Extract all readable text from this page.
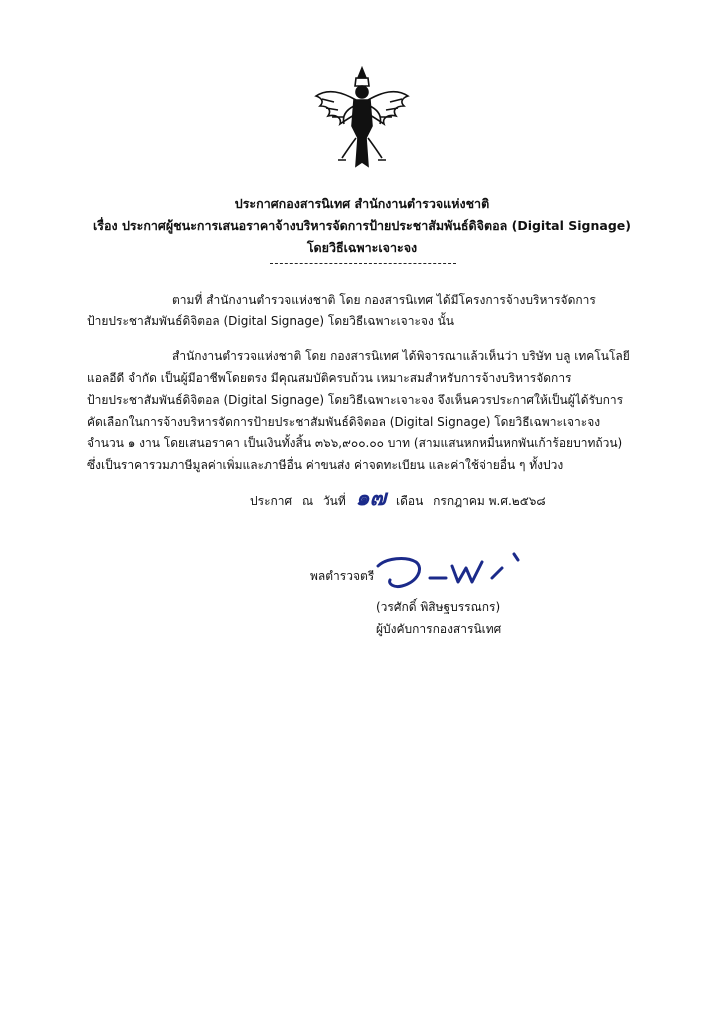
ประกาศกองสารนิเทศ สำนักงานตำรวจแห่งชาติ
เรื่อง ประกาศผู้ชนะการเสนอราคาจ้างบริหารจัดการป้ายประชาสัมพันธ์ดิจิตอล (Digital Signage)
โดยวิธีเฉพาะเจาะจง
ตามที่ สำนักงานตำรวจแห่งชาติ โดย กองสารนิเทศ ได้มีโครงการจ้างบริหารจัดการ
ป้ายประชาสัมพันธ์ดิจิตอล (Digital Signage) โดยวิธีเฉพาะเจาะจง นั้น
สำนักงานตำรวจแห่งชาติ โดย กองสารนิเทศ ได้พิจารณาแล้วเห็นว่า บริษัท บลู เทคโนโลยี
แอลอีดี จำกัด เป็นผู้มีอาชีพโดยตรง มีคุณสมบัติครบถ้วน เหมาะสมสำหรับการจ้างบริหารจัดการ
ป้ายประชาสัมพันธ์ดิจิตอล (Digital Signage) โดยวิธีเฉพาะเจาะจง จึงเห็นควรประกาศให้เป็นผู้ได้รับการ
คัดเลือกในการจ้างบริหารจัดการป้ายประชาสัมพันธ์ดิจิตอล (Digital Signage) โดยวิธีเฉพาะเจาะจง
จำนวน ๑ งาน โดยเสนอราคา เป็นเงินทั้งสิ้น ๓๖๖,๙๐๐.๐๐ บาท (สามแสนหกหมื่นหกพันเก้าร้อยบาทถ้วน)
ซึ่งเป็นราคารวมภาษีมูลค่าเพิ่มและภาษีอื่น ค่าขนส่ง ค่าจดทะเบียน และค่าใช้จ่ายอื่น ๆ ทั้งปวง
ประกาศ ณ วันที่ ๑๗ เดือน กรกฎาคม พ.ศ.๒๕๖๘
พลตำรวจตรี
(วรศักดิ์ พิสิษฐบรรณกร)
ผู้บังคับการกองสารนิเทศ
